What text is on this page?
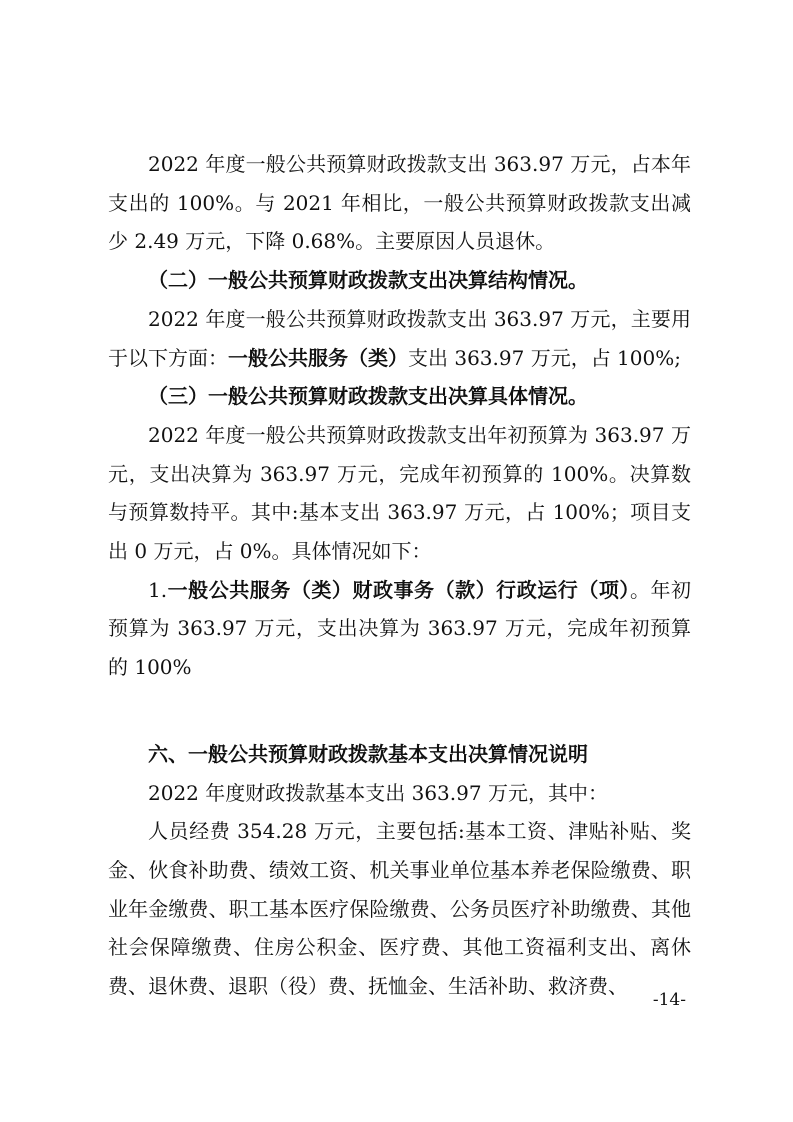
2022 年度一般公共预算财政拨款支出 363.97 万元，占本年支出的 100%。与 2021 年相比，一般公共预算财政拨款支出减少 2.49 万元，下降 0.68%。主要原因人员退休。

（二）一般公共预算财政拨款支出决算结构情况。

2022 年度一般公共预算财政拨款支出 363.97 万元，主要用于以下方面：一般公共服务（类）支出 363.97 万元，占 100%;

（三）一般公共预算财政拨款支出决算具体情况。

2022 年度一般公共预算财政拨款支出年初预算为 363.97 万元，支出决算为 363.97 万元，完成年初预算的 100%。决算数与预算数持平。其中:基本支出 363.97 万元，占 100%；项目支出 0 万元，占 0%。具体情况如下：

1.一般公共服务（类）财政事务（款）行政运行（项）。年初预算为 363.97 万元，支出决算为 363.97 万元，完成年初预算的 100%

六、一般公共预算财政拨款基本支出决算情况说明

2022 年度财政拨款基本支出 363.97 万元，其中：

人员经费 354.28 万元，主要包括:基本工资、津贴补贴、奖金、伙食补助费、绩效工资、机关事业单位基本养老保险缴费、职业年金缴费、职工基本医疗保险缴费、公务员医疗补助缴费、其他社会保障缴费、住房公积金、医疗费、其他工资福利支出、离休费、退休费、退职（役）费、抚恤金、生活补助、救济费、

-14-
